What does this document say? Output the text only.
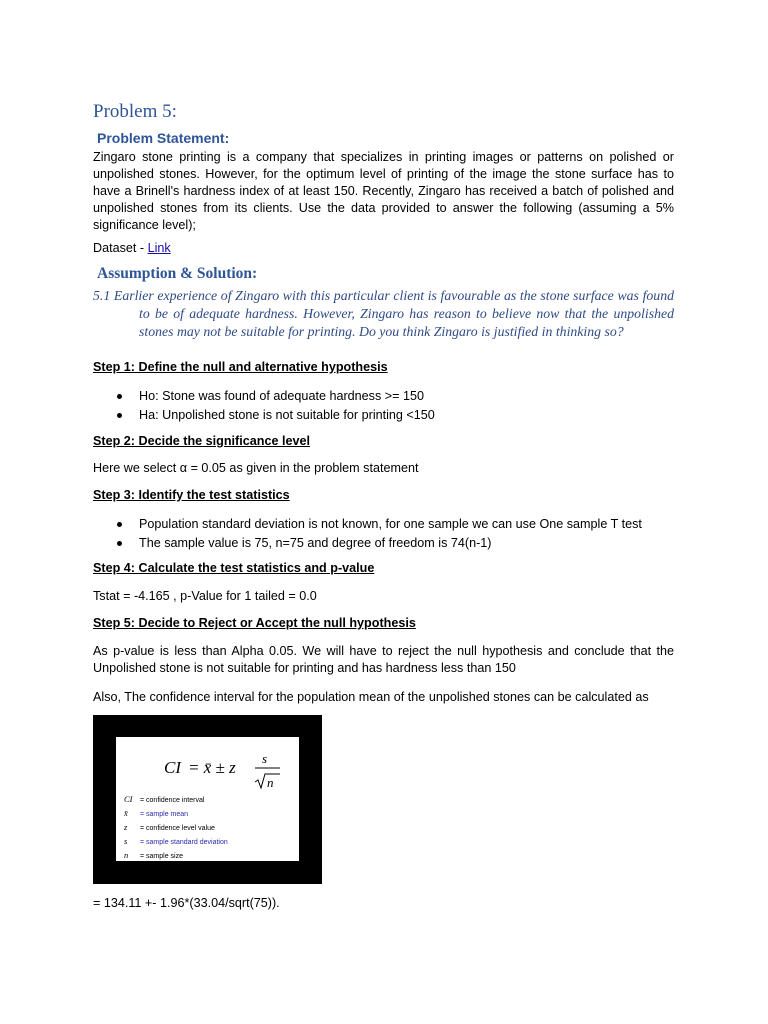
Problem 5:
Problem Statement:

Zingaro stone printing is a company that specializes in printing images or patterns on polished or unpolished stones. However, for the optimum level of printing of the image the stone surface has to have a Brinell's hardness index of at least 150. Recently, Zingaro has received a batch of polished and unpolished stones from its clients. Use the data provided to answer the following (assuming a 5% significance level);

Dataset - Link

Assumption & Solution:

5.1 Earlier experience of Zingaro with this particular client is favourable as the stone surface was found to be of adequate hardness. However, Zingaro has reason to believe now that the unpolished stones may not be suitable for printing. Do you think Zingaro is justified in thinking so?

Step 1: Define the null and alternative hypothesis

Ho: Stone was found of adequate hardness >= 150
Ha: Unpolished stone is not suitable for printing <150

Step 2: Decide the significance level

Here we select α = 0.05 as given in the problem statement

Step 3: Identify the test statistics

Population standard deviation is not known, for one sample we can use One sample T test
The sample value is 75, n=75 and degree of freedom is 74(n-1)

Step 4: Calculate the test statistics and p-value

Tstat = -4.165 , p-Value for 1 tailed = 0.0

Step 5: Decide to Reject or Accept the null hypothesis

As p-value is less than Alpha 0.05. We will have to reject the null hypothesis and conclude that the Unpolished stone is not suitable for printing and has hardness less than 150

Also, The confidence interval for the population mean of the unpolished stones can be calculated as

CI = x̄ ± z s
n
CI = confidence interval
x̄ = sample mean
z = confidence level value
s = sample standard deviation
n = sample size

= 134.11 +- 1.96*(33.04/sqrt(75)).
